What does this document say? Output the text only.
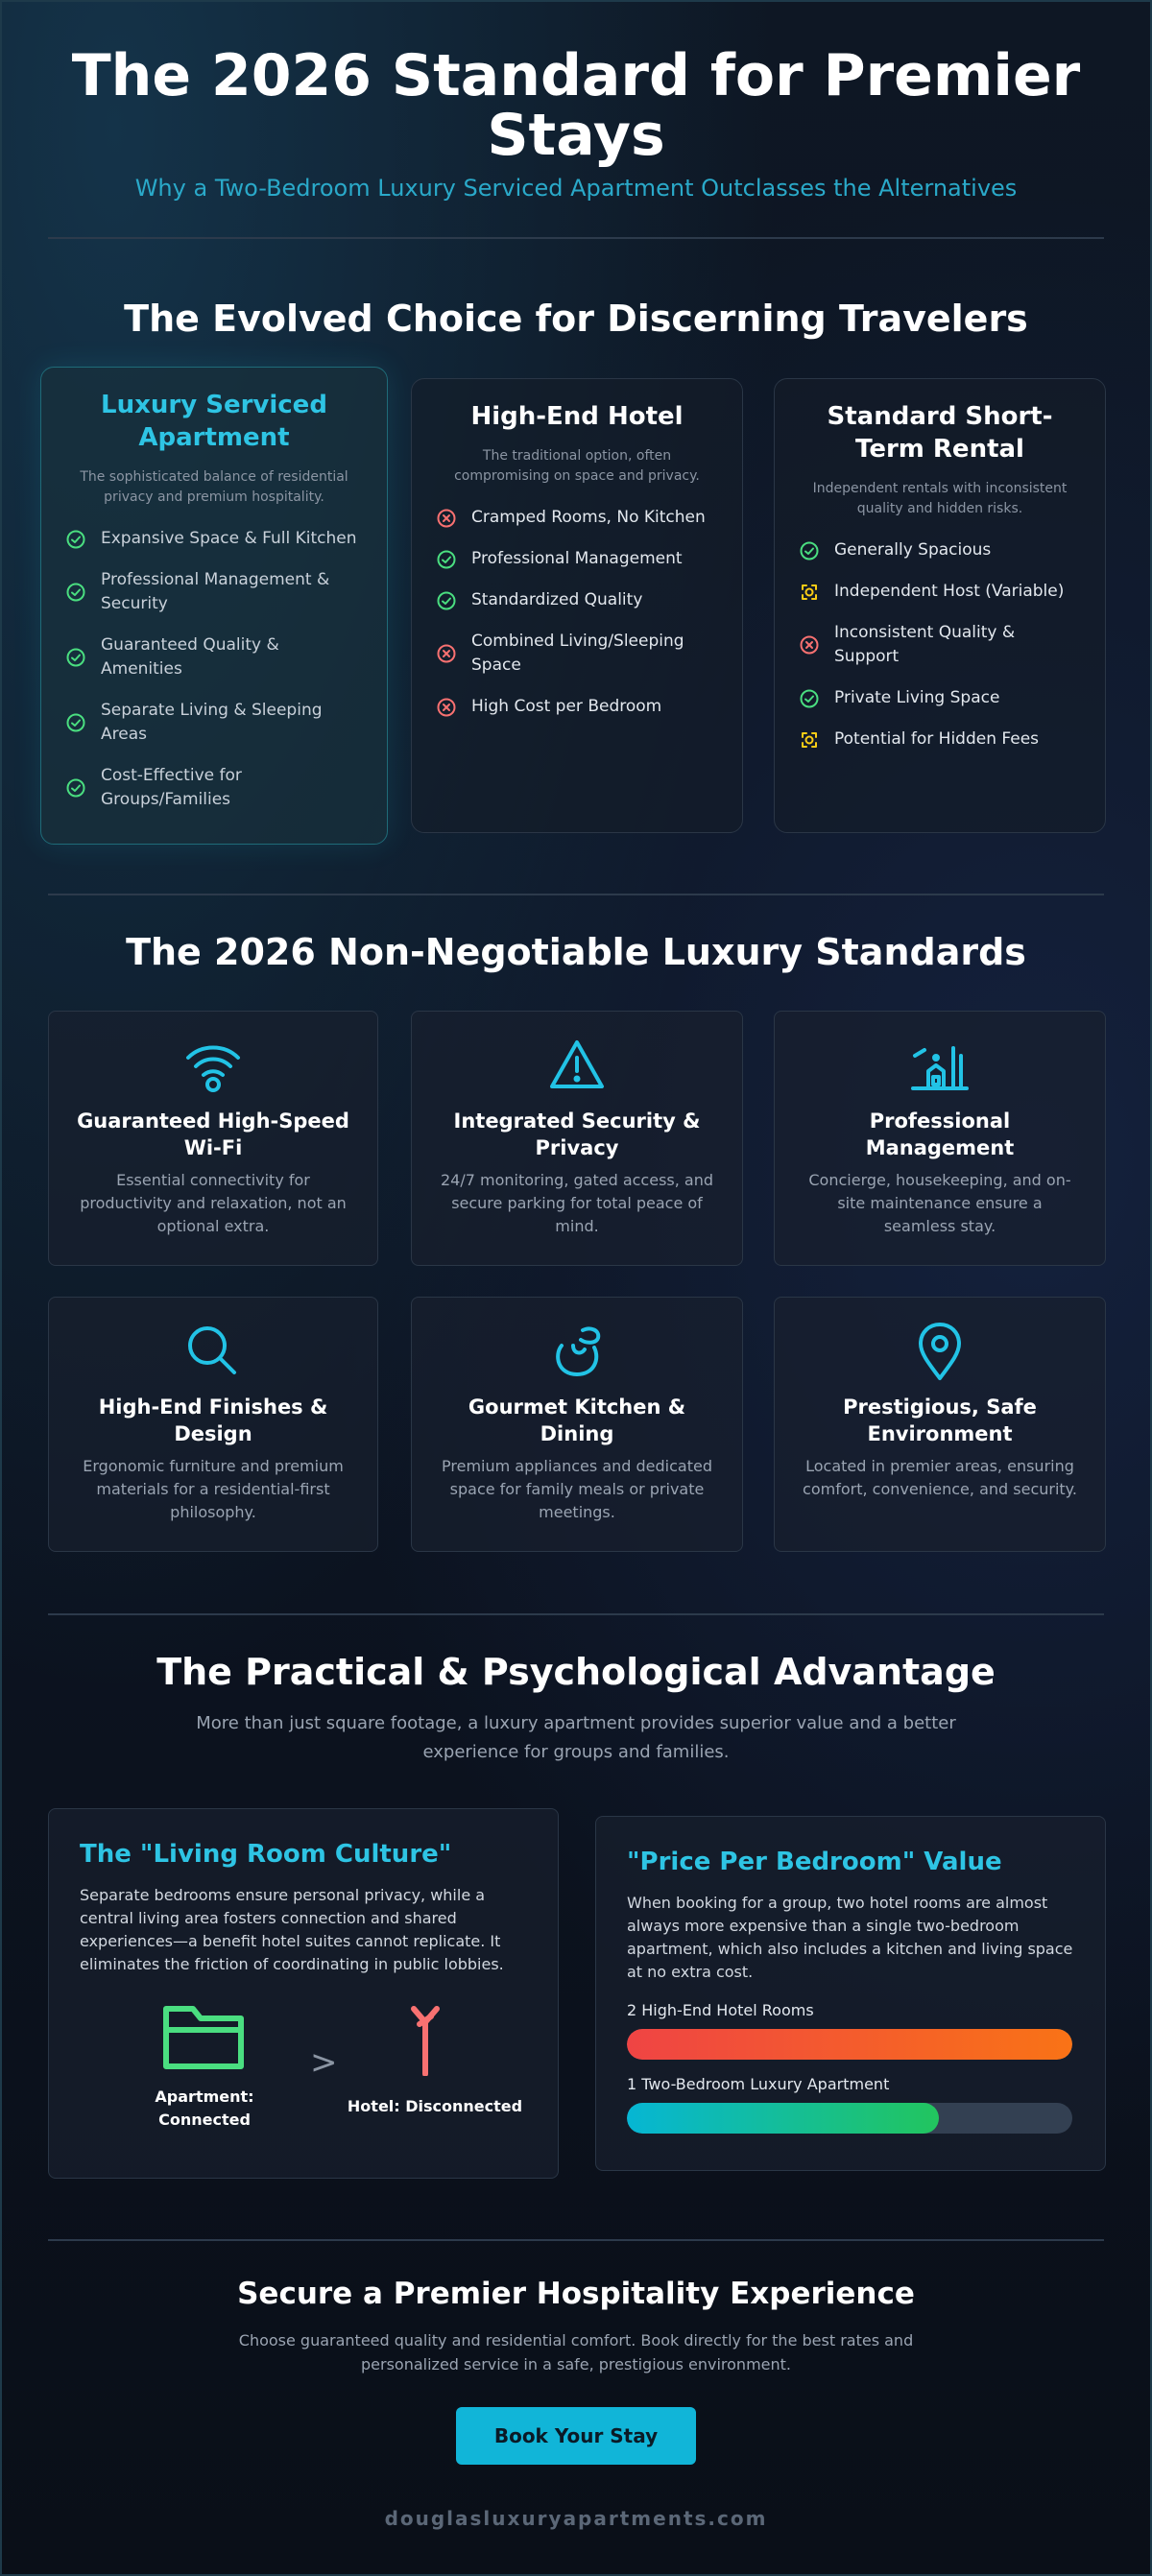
The 2026 Standard for Premier Stays

Why a Two-Bedroom Luxury Serviced Apartment Outclasses the Alternatives

The Evolved Choice for Discerning Travelers
Luxury Serviced Apartment
The sophisticated balance of residential privacy and premium hospitality.
Expansive Space & Full Kitchen
Professional Management & Security
Guaranteed Quality & Amenities
Separate Living & Sleeping Areas
Cost-Effective for Groups/Families
High-End Hotel
The traditional option, often compromising on space and privacy.
Cramped Rooms, No Kitchen
Professional Management
Standardized Quality
Combined Living/Sleeping Space
High Cost per Bedroom
Standard Short-Term Rental
Independent rentals with inconsistent quality and hidden risks.
Generally Spacious
Independent Host (Variable)
Inconsistent Quality & Support
Private Living Space
Potential for Hidden Fees
The 2026 Non-Negotiable Luxury Standards
Guaranteed High-Speed Wi-Fi
Essential connectivity for productivity and relaxation, not an optional extra.
Integrated Security & Privacy
24/7 monitoring, gated access, and secure parking for total peace of mind.
Professional Management
Concierge, housekeeping, and on-site maintenance ensure a seamless stay.
High-End Finishes & Design
Ergonomic furniture and premium materials for a residential-first philosophy.
Gourmet Kitchen & Dining
Premium appliances and dedicated space for family meals or private meetings.
Prestigious, Safe Environment
Located in premier areas, ensuring comfort, convenience, and security.
The Practical & Psychological Advantage

More than just square footage, a luxury apartment provides superior value and a better experience for groups and families.

The "Living Room Culture"
Separate bedrooms ensure personal privacy, while a central living area fosters connection and shared experiences—a benefit hotel suites cannot replicate. It eliminates the friction of coordinating in public lobbies.
Apartment: Connected
>
Hotel: Disconnected
"Price Per Bedroom" Value
When booking for a group, two hotel rooms are almost always more expensive than a single two-bedroom apartment, which also includes a kitchen and living space at no extra cost.
2 High-End Hotel Rooms
1 Two-Bedroom Luxury Apartment
Secure a Premier Hospitality Experience

Choose guaranteed quality and residential comfort. Book directly for the best rates and personalized service in a safe, prestigious environment.

Book Your Stay
douglasluxuryapartments.com
